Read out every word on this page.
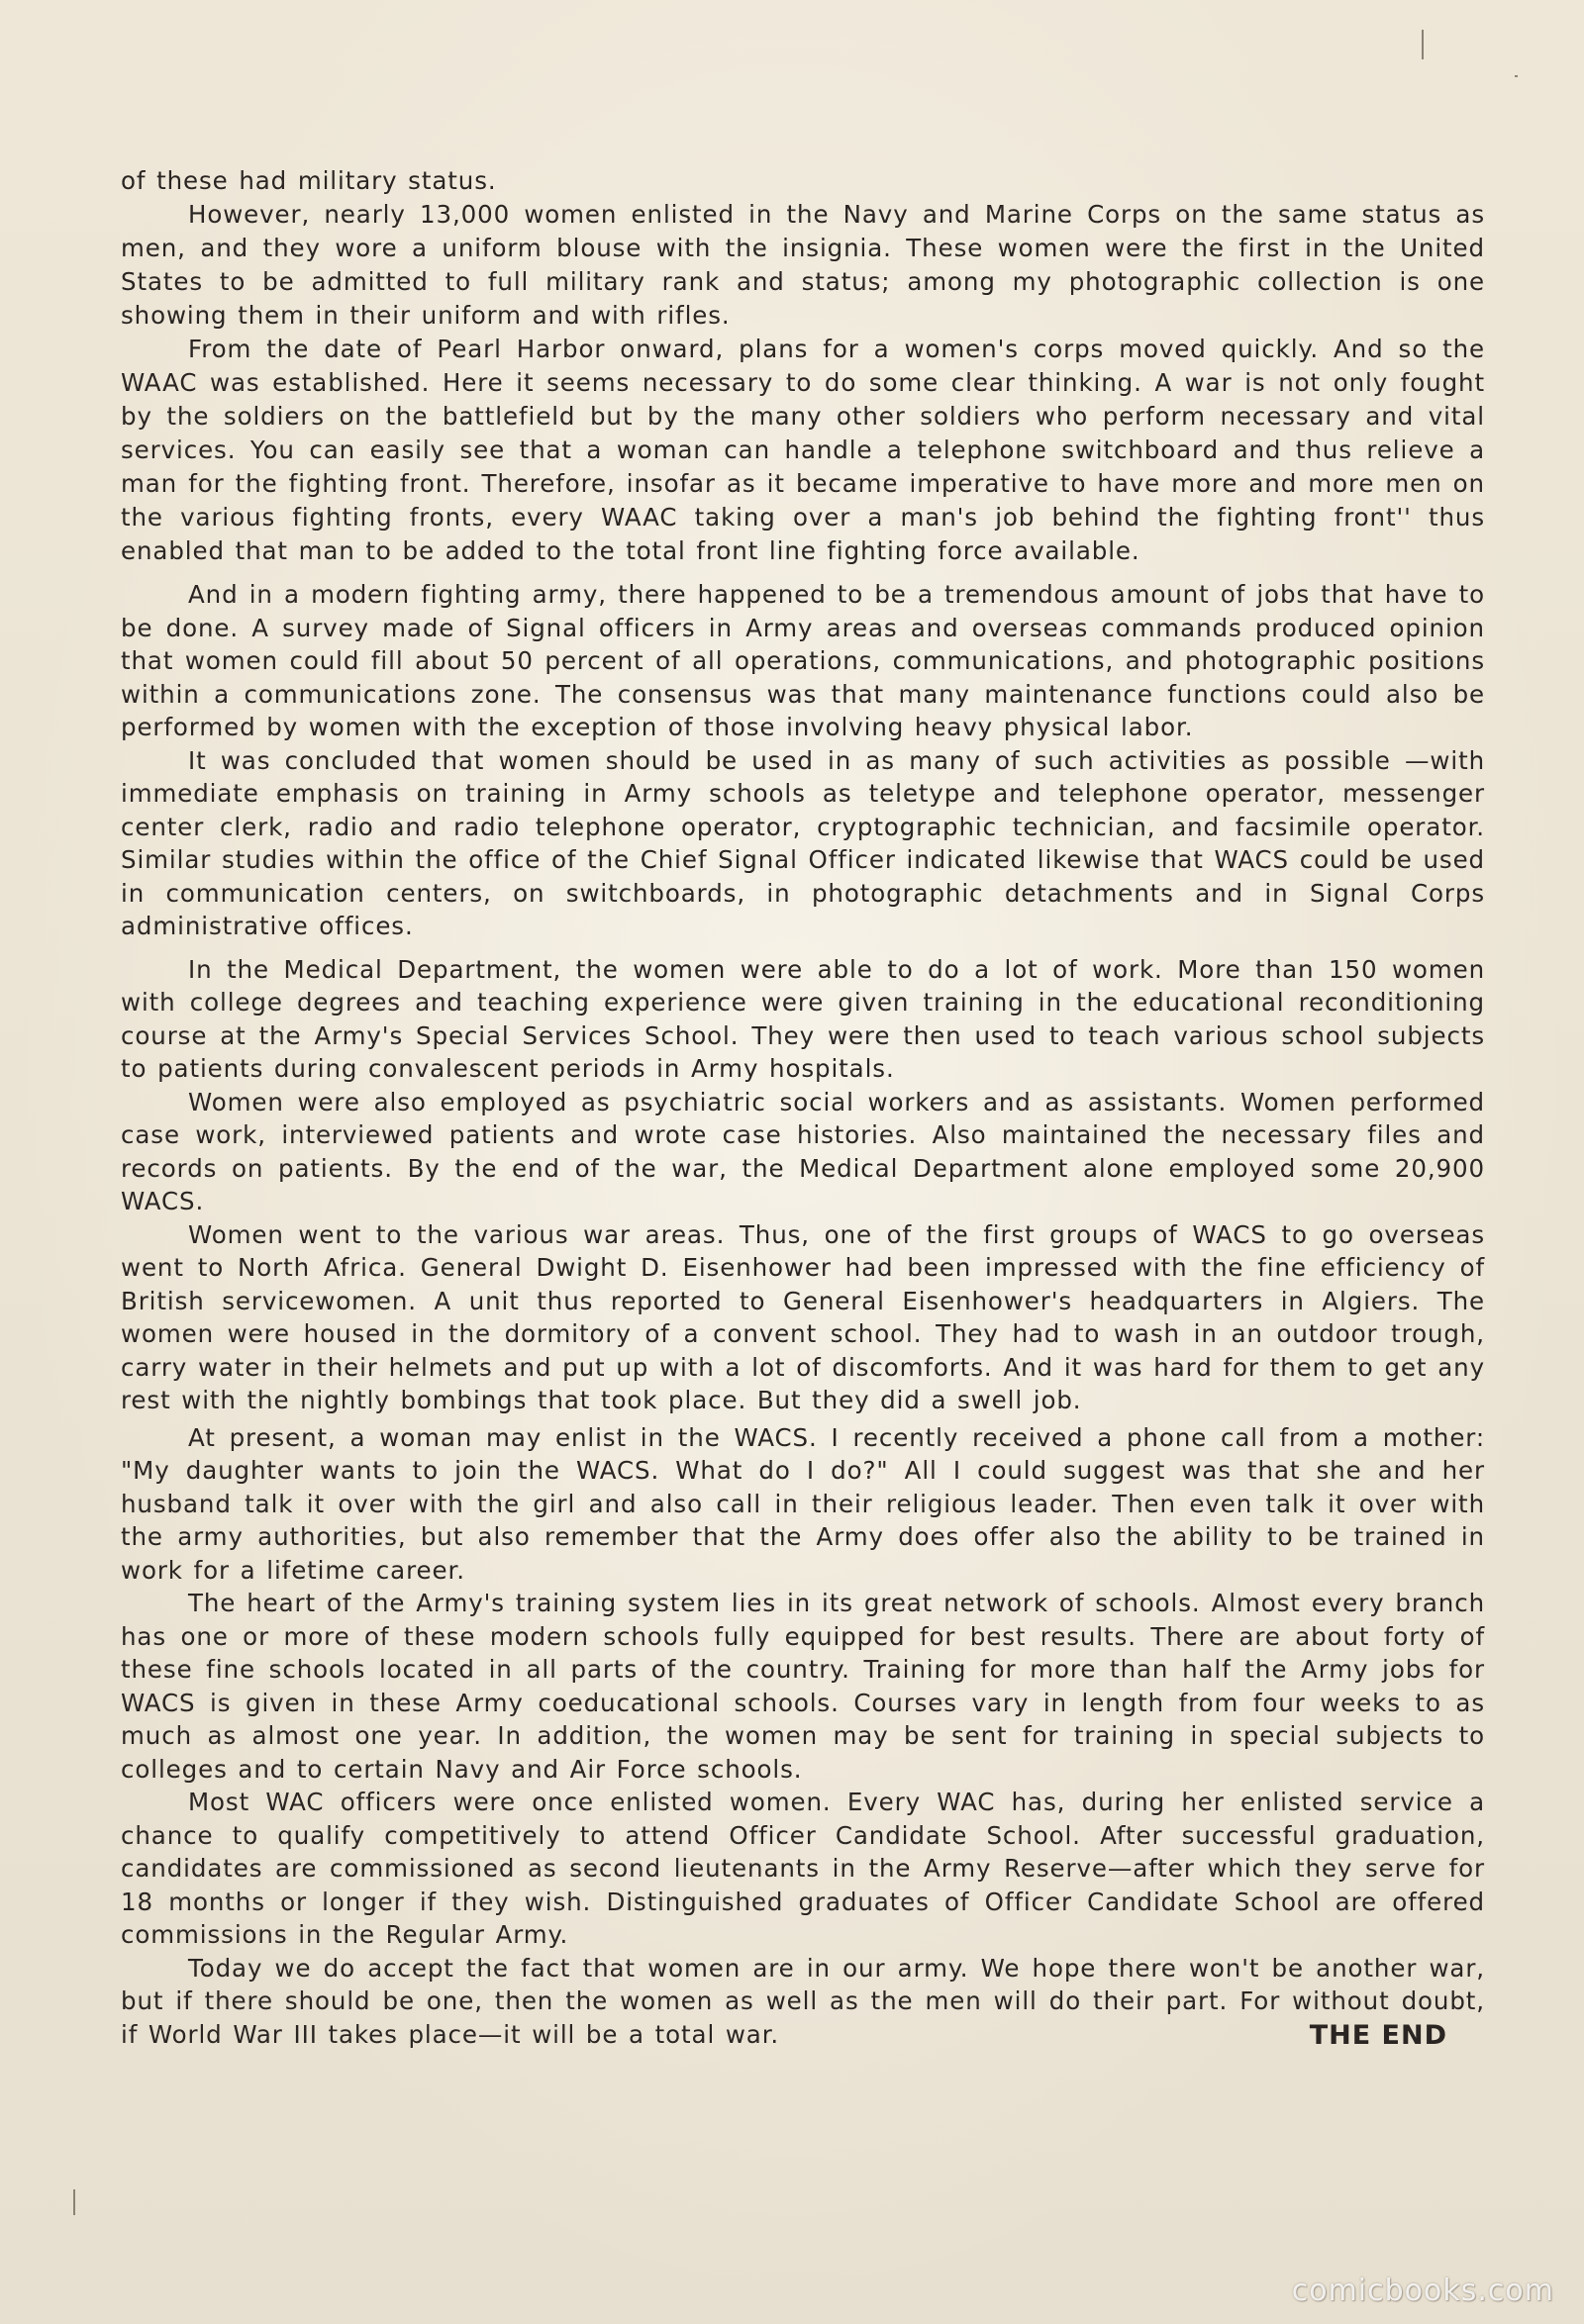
of these had military status.

However, nearly 13,000 women enlisted in the Navy and Marine Corps on the same status as men, and they wore a uniform blouse with the insignia. These women were the first in the United States to be admitted to full military rank and status; among my photographic collection is one showing them in their uniform and with rifles.

From the date of Pearl Harbor onward, plans for a women's corps moved quickly. And so the WAAC was established. Here it seems necessary to do some clear thinking. A war is not only fought by the soldiers on the battlefield but by the many other soldiers who perform necessary and vital services. You can easily see that a woman can handle a telephone switchboard and thus relieve a man for the fighting front. Therefore, insofar as it became imperative to have more and more men on the various fighting fronts, every WAAC taking over a man's job behind the fighting front'' thus enabled that man to be added to the total front line fighting force available.

And in a modern fighting army, there happened to be a tremendous amount of jobs that have to be done. A survey made of Signal officers in Army areas and overseas commands produced opinion that women could fill about 50 percent of all operations, communications, and photographic positions within a communications zone. The consensus was that many maintenance functions could also be performed by women with the exception of those involving heavy physical labor.

It was concluded that women should be used in as many of such activities as possible —with immediate emphasis on training in Army schools as teletype and telephone operator, messenger center clerk, radio and radio telephone operator, cryptographic technician, and facsimile operator. Similar studies within the office of the Chief Signal Officer indicated likewise that WACS could be used in communication centers, on switchboards, in photographic detachments and in Signal Corps administrative offices.

In the Medical Department, the women were able to do a lot of work. More than 150 women with college degrees and teaching experience were given training in the educational reconditioning course at the Army's Special Services School. They were then used to teach various school subjects to patients during convalescent periods in Army hospitals.

Women were also employed as psychiatric social workers and as assistants. Women performed case work, interviewed patients and wrote case histories. Also maintained the necessary files and records on patients. By the end of the war, the Medical Department alone employed some 20,900 WACS.

Women went to the various war areas. Thus, one of the first groups of WACS to go overseas went to North Africa. General Dwight D. Eisenhower had been impressed with the fine efficiency of British servicewomen. A unit thus reported to General Eisenhower's headquarters in Algiers. The women were housed in the dormitory of a convent school. They had to wash in an outdoor trough, carry water in their helmets and put up with a lot of discomforts. And it was hard for them to get any rest with the nightly bombings that took place. But they did a swell job.

At present, a woman may enlist in the WACS. I recently received a phone call from a mother: "My daughter wants to join the WACS. What do I do?" All I could suggest was that she and her husband talk it over with the girl and also call in their religious leader. Then even talk it over with the army authorities, but also remember that the Army does offer also the ability to be trained in work for a lifetime career.

The heart of the Army's training system lies in its great network of schools. Almost every branch has one or more of these modern schools fully equipped for best results. There are about forty of these fine schools located in all parts of the country. Training for more than half the Army jobs for WACS is given in these Army coeducational schools. Courses vary in length from four weeks to as much as almost one year. In addition, the women may be sent for training in special subjects to colleges and to certain Navy and Air Force schools.

Most WAC officers were once enlisted women. Every WAC has, during her enlisted service a chance to qualify competitively to attend Officer Candidate School. After successful graduation, candidates are commissioned as second lieutenants in the Army Reserve—after which they serve for 18 months or longer if they wish. Distinguished graduates of Officer Candidate School are offered commissions in the Regular Army.

Today we do accept the fact that women are in our army. We hope there won't be another war, but if there should be one, then the women as well as the men will do their part. For without doubt, if World War III takes place—it will be a total war.	THE END
comicbooks.com
